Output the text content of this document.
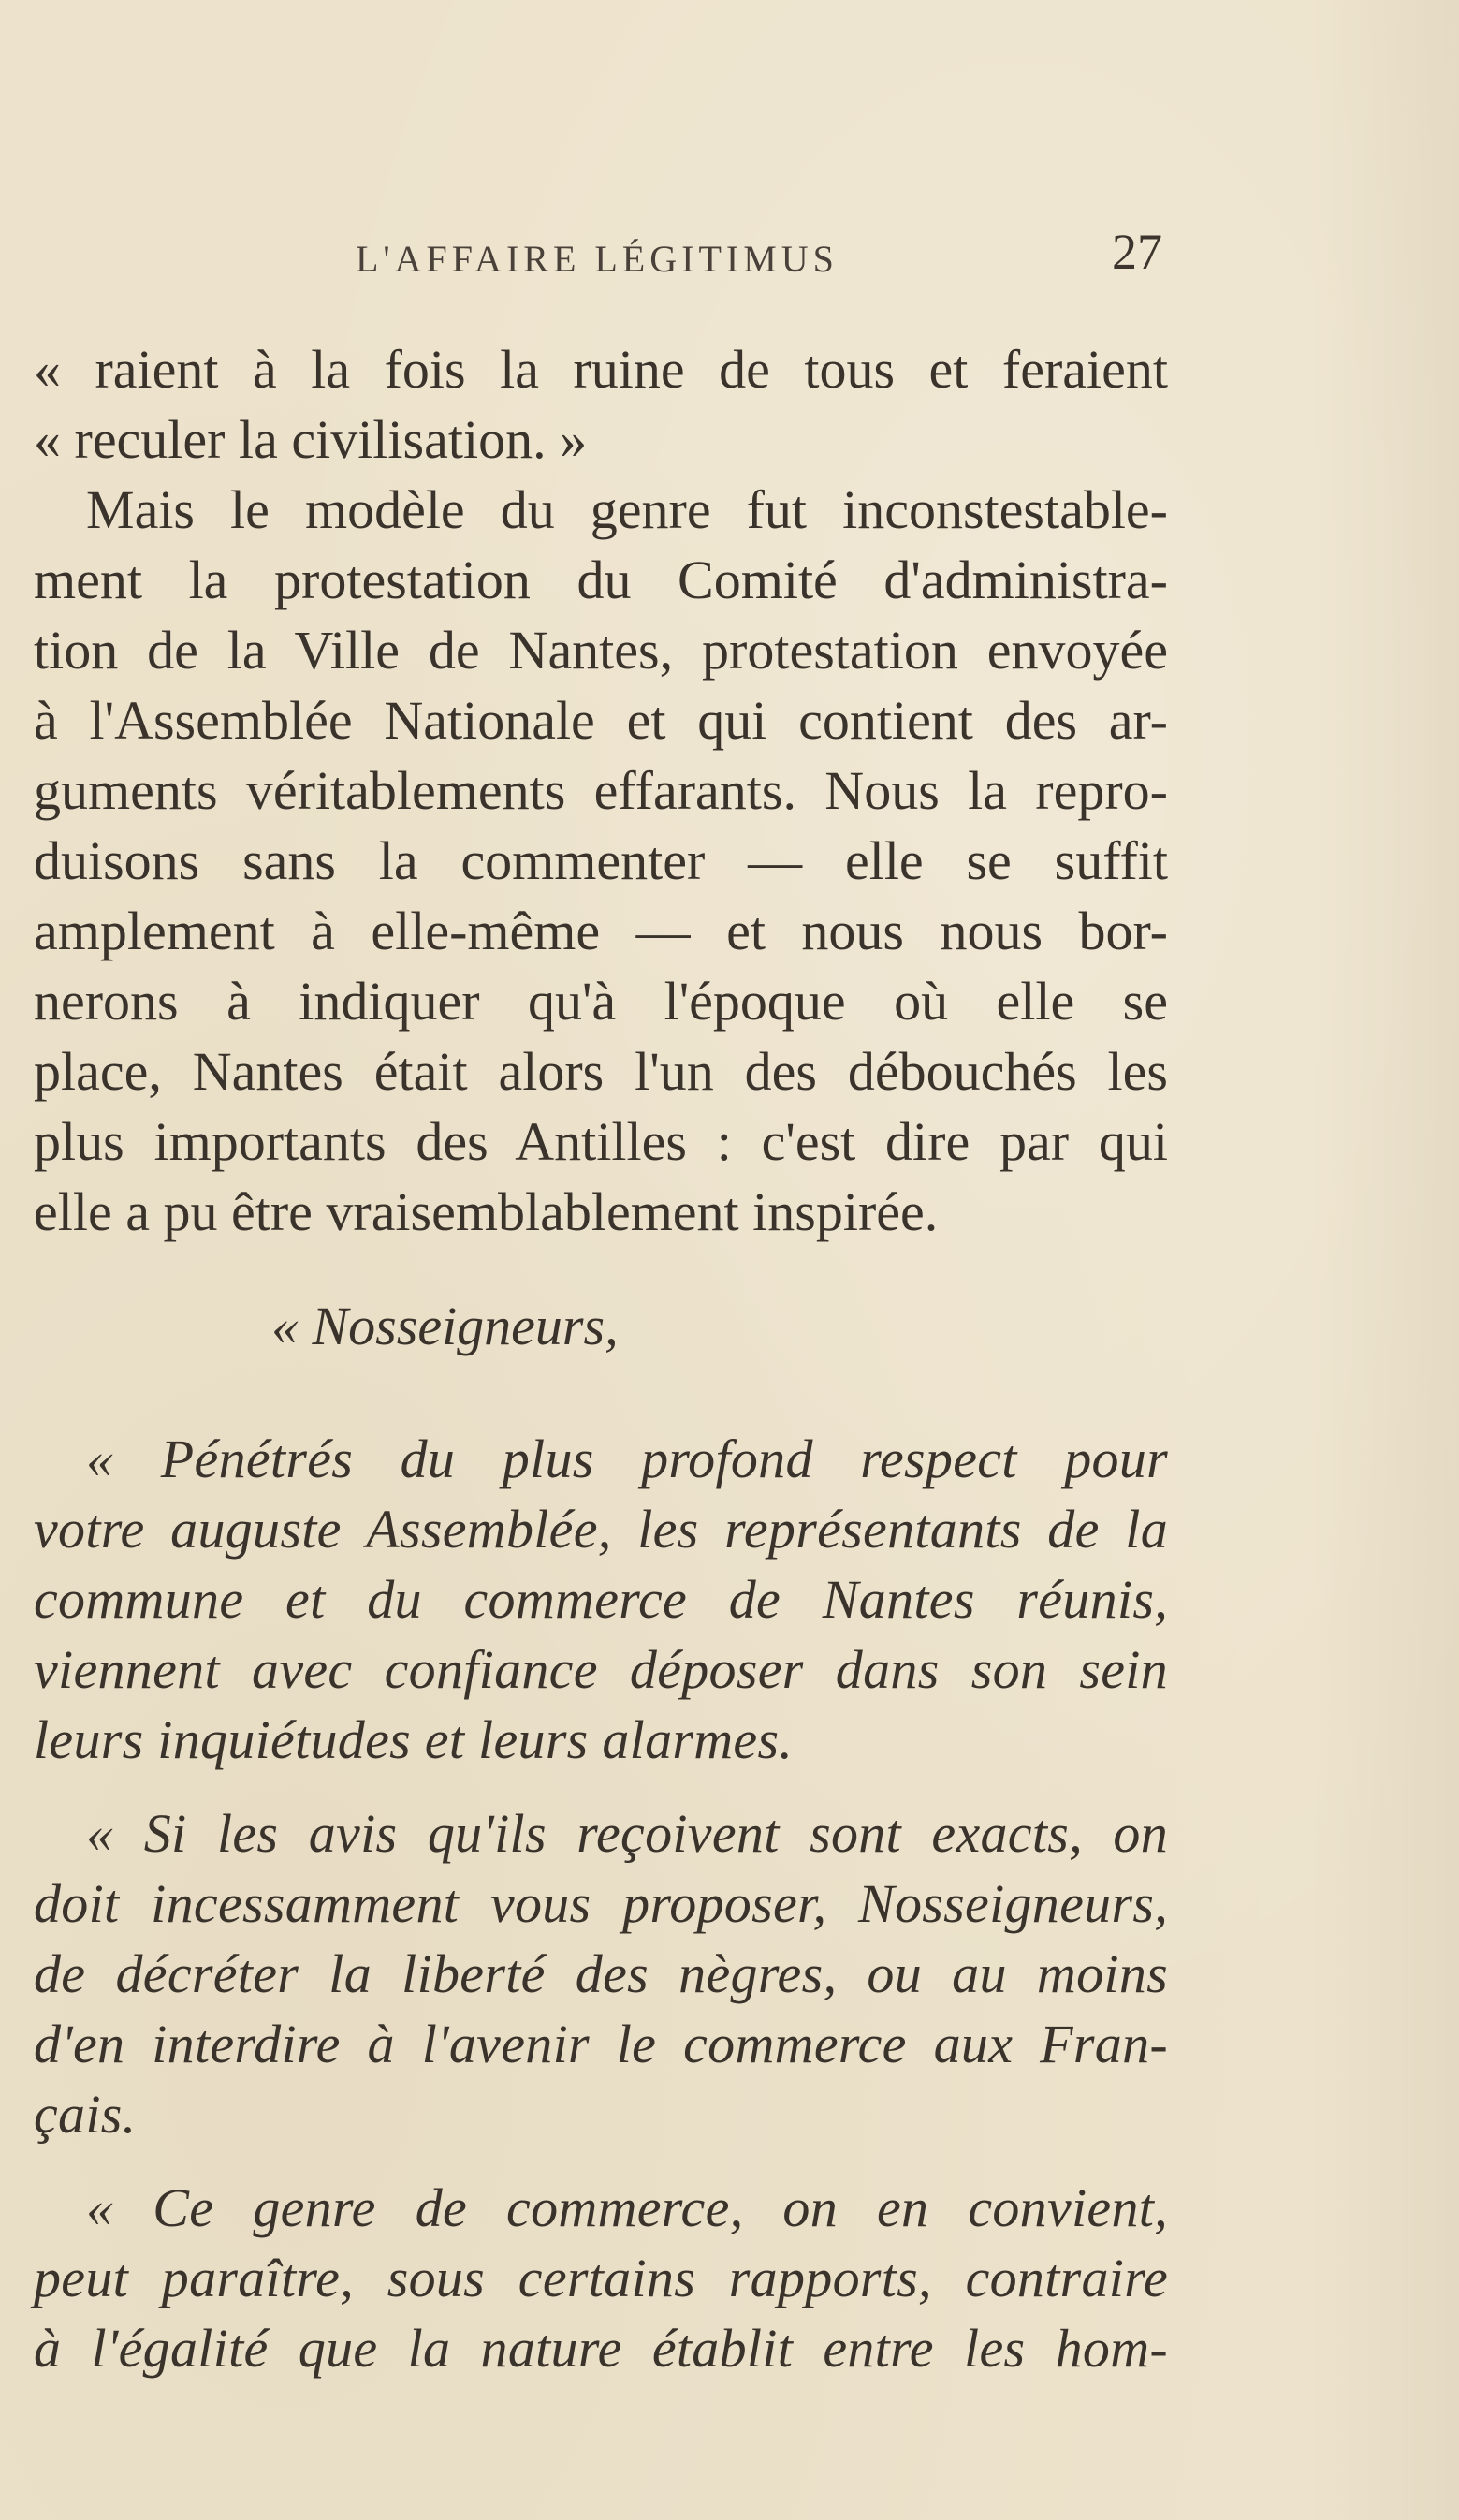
L'AFFAIRE LÉGITIMUS	27
« raient à la fois la ruine de tous et feraient
« reculer la civilisation. »
Mais le modèle du genre fut inconstestable-
ment la protestation du Comité d'administra-
tion de la Ville de Nantes, protestation envoyée
à l'Assemblée Nationale et qui contient des ar-
guments véritablements effarants. Nous la repro-
duisons sans la commenter — elle se suffit
amplement à elle-même — et nous nous bor-
nerons à indiquer qu'à l'époque où elle se
place, Nantes était alors l'un des débouchés les
plus importants des Antilles : c'est dire par qui
elle a pu être vraisemblablement inspirée.
« Nosseigneurs,
« Pénétrés du plus profond respect pour
votre auguste Assemblée, les représentants de la
commune et du commerce de Nantes réunis,
viennent avec confiance déposer dans son sein
leurs inquiétudes et leurs alarmes.
« Si les avis qu'ils reçoivent sont exacts, on
doit incessamment vous proposer, Nosseigneurs,
de décréter la liberté des nègres, ou au moins
d'en interdire à l'avenir le commerce aux Fran-
çais.
« Ce genre de commerce, on en convient,
peut paraître, sous certains rapports, contraire
à l'égalité que la nature établit entre les hom-
